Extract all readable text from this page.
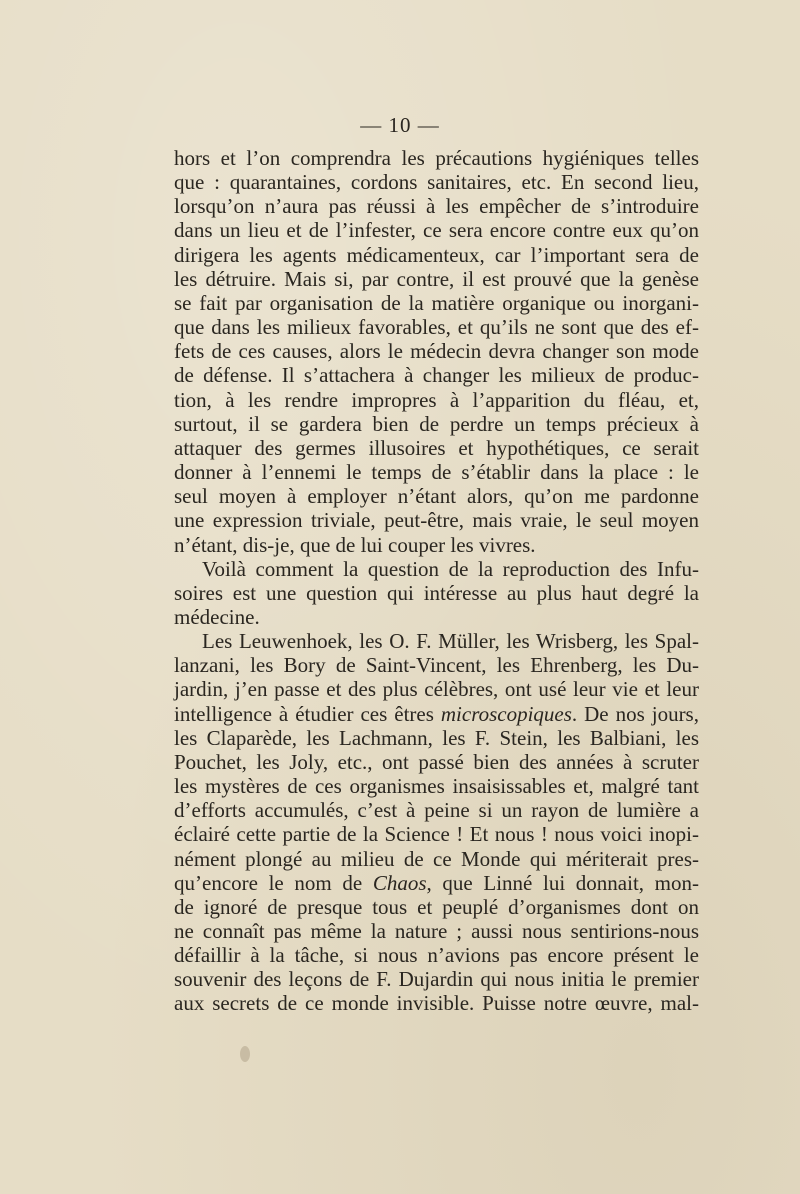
— 10 —
hors et l’on comprendra les précautions hygiéniques telles
que : quarantaines, cordons sanitaires, etc. En second lieu,
lorsqu’on n’aura pas réussi à les empêcher de s’introduire
dans un lieu et de l’infester, ce sera encore contre eux qu’on
dirigera les agents médicamenteux, car l’important sera de
les détruire. Mais si, par contre, il est prouvé que la genèse
se fait par organisation de la matière organique ou inorgani-
que dans les milieux favorables, et qu’ils ne sont que des ef-
fets de ces causes, alors le médecin devra changer son mode
de défense. Il s’attachera à changer les milieux de produc-
tion, à les rendre impropres à l’apparition du fléau, et,
surtout, il se gardera bien de perdre un temps précieux à
attaquer des germes illusoires et hypothétiques, ce serait
donner à l’ennemi le temps de s’établir dans la place : le
seul moyen à employer n’étant alors, qu’on me pardonne
une expression triviale, peut-être, mais vraie, le seul moyen
n’étant, dis-je, que de lui couper les vivres.
Voilà comment la question de la reproduction des Infu-
soires est une question qui intéresse au plus haut degré la
médecine.
Les Leuwenhoek, les O. F. Müller, les Wrisberg, les Spal-
lanzani, les Bory de Saint-Vincent, les Ehrenberg, les Du-
jardin, j’en passe et des plus célèbres, ont usé leur vie et leur
intelligence à étudier ces êtres microscopiques. De nos jours,
les Claparède, les Lachmann, les F. Stein, les Balbiani, les
Pouchet, les Joly, etc., ont passé bien des années à scruter
les mystères de ces organismes insaisissables et, malgré tant
d’efforts accumulés, c’est à peine si un rayon de lumière a
éclairé cette partie de la Science ! Et nous ! nous voici inopi-
nément plongé au milieu de ce Monde qui mériterait pres-
qu’encore le nom de Chaos, que Linné lui donnait, mon-
de ignoré de presque tous et peuplé d’organismes dont on
ne connaît pas même la nature ; aussi nous sentirions-nous
défaillir à la tâche, si nous n’avions pas encore présent le
souvenir des leçons de F. Dujardin qui nous initia le premier
aux secrets de ce monde invisible. Puisse notre œuvre, mal-
